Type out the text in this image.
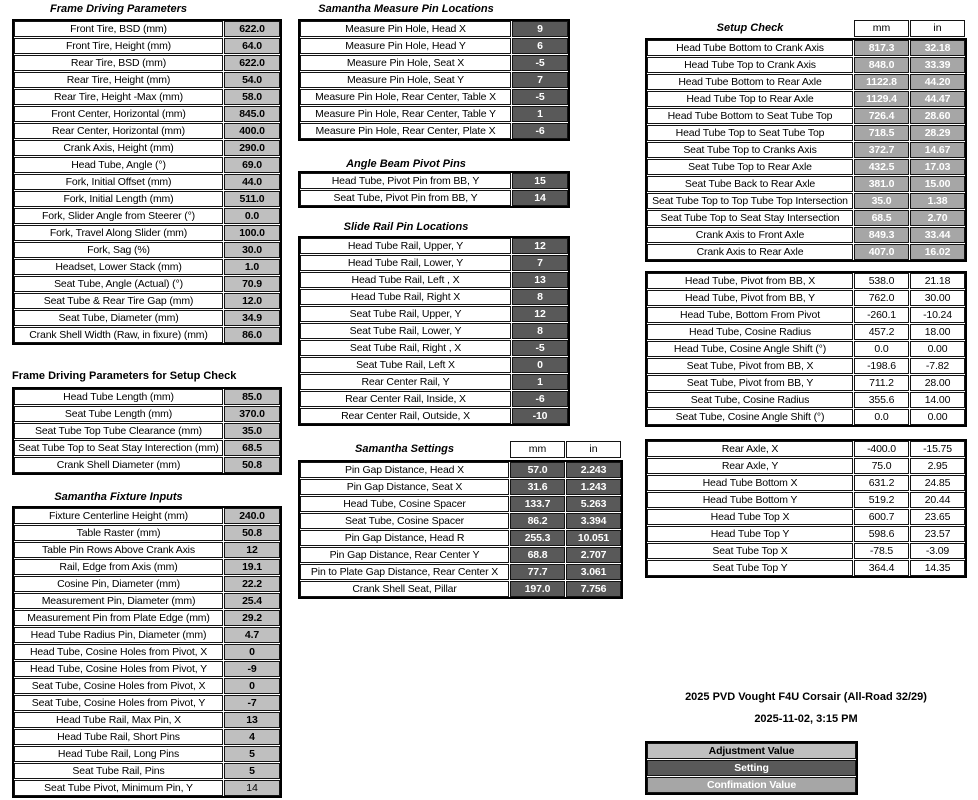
Frame Driving Parameters
Front Tire, BSD (mm)	622.0
Front Tire, Height (mm)	64.0
Rear Tire, BSD (mm)	622.0
Rear Tire, Height (mm)	54.0
Rear Tire, Height -Max (mm)	58.0
Front Center, Horizontal (mm)	845.0
Rear Center, Horizontal (mm)	400.0
Crank Axis, Height (mm)	290.0
Head Tube, Angle (°)	69.0
Fork, Initial Offset (mm)	44.0
Fork, Initial Length (mm)	511.0
Fork, Slider Angle from Steerer (°)	0.0
Fork, Travel Along Slider (mm)	100.0
Fork, Sag (%)	30.0
Headset, Lower Stack (mm)	1.0
Seat Tube, Angle (Actual) (°)	70.9
Seat Tube & Rear Tire Gap (mm)	12.0
Seat Tube, Diameter (mm)	34.9
Crank Shell Width (Raw, in fixure) (mm)	86.0
Frame Driving Parameters for Setup Check
Head Tube Length (mm)	85.0
Seat Tube Length (mm)	370.0
Seat Tube Top Tube Clearance (mm)	35.0
Seat Tube Top to Seat Stay Interection (mm)	68.5
Crank Shell Diameter (mm)	50.8
Samantha Fixture Inputs
Fixture Centerline Height (mm)	240.0
Table Raster (mm)	50.8
Table Pin Rows Above Crank Axis	12
Rail, Edge from Axis (mm)	19.1
Cosine Pin, Diameter (mm)	22.2
Measurement Pin, Diameter (mm)	25.4
Measurement Pin from Plate Edge (mm)	29.2
Head Tube Radius Pin, Diameter (mm)	4.7
Head Tube, Cosine Holes from Pivot, X	0
Head Tube, Cosine Holes from Pivot, Y	-9
Seat Tube, Cosine Holes from Pivot, X	0
Seat Tube, Cosine Holes from Pivot, Y	-7
Head Tube Rail, Max Pin, X	13
Head Tube Rail, Short Pins	4
Head Tube Rail, Long Pins	5
Seat Tube Rail, Pins	5
Seat Tube Pivot, Minimum Pin, Y	14
Samantha Measure Pin Locations
Measure Pin Hole, Head X	9
Measure Pin Hole, Head Y	6
Measure Pin Hole, Seat X	-5
Measure Pin Hole, Seat Y	7
Measure Pin Hole, Rear Center, Table X	-5
Measure Pin Hole, Rear Center, Table Y	1
Measure Pin Hole, Rear Center, Plate X	-6
Angle Beam Pivot Pins
Head Tube, Pivot Pin from BB, Y	15
Seat Tube, Pivot Pin from BB, Y	14
Slide Rail Pin Locations
Head Tube Rail, Upper, Y	12
Head Tube Rail, Lower, Y	7
Head Tube Rail, Left , X	13
Head Tube Rail, Right X	8
Seat Tube Rail, Upper, Y	12
Seat Tube Rail, Lower, Y	8
Seat Tube Rail, Right , X	-5
Seat Tube Rail, Left X	0
Rear Center Rail, Y	1
Rear Center Rail, Inside, X	-6
Rear Center Rail, Outside, X	-10
Samantha Settings	mm	in
Pin Gap Distance, Head X	57.0	2.243
Pin Gap Distance, Seat X	31.6	1.243
Head Tube, Cosine Spacer	133.7	5.263
Seat Tube, Cosine Spacer	86.2	3.394
Pin Gap Distance, Head R	255.3	10.051
Pin Gap Distance, Rear Center Y	68.8	2.707
Pin to Plate Gap Distance, Rear Center X	77.7	3.061
Crank Shell Seat, Pillar	197.0	7.756
Setup Check	mm	in
Head Tube Bottom to Crank Axis	817.3	32.18
Head Tube Top to Crank Axis	848.0	33.39
Head Tube Bottom to Rear Axle	1122.8	44.20
Head Tube Top to Rear Axle	1129.4	44.47
Head Tube Bottom to Seat Tube Top	726.4	28.60
Head Tube Top to Seat Tube Top	718.5	28.29
Seat Tube Top to Cranks Axis	372.7	14.67
Seat Tube Top to Rear Axle	432.5	17.03
Seat Tube Back to Rear Axle	381.0	15.00
Seat Tube Top to Top Tube Top Intersection	35.0	1.38
Seat Tube Top to Seat Stay Intersection	68.5	2.70
Crank Axis to Front Axle	849.3	33.44
Crank Axis to Rear Axle	407.0	16.02
Head Tube, Pivot from BB, X	538.0	21.18
Head Tube, Pivot from BB, Y	762.0	30.00
Head Tube, Bottom From Pivot	-260.1	-10.24
Head Tube, Cosine Radius	457.2	18.00
Head Tube, Cosine Angle Shift (°)	0.0	0.00
Seat Tube, Pivot from BB, X	-198.6	-7.82
Seat Tube, Pivot from BB, Y	711.2	28.00
Seat Tube, Cosine Radius	355.6	14.00
Seat Tube, Cosine Angle Shift (°)	0.0	0.00
Rear Axle, X	-400.0	-15.75
Rear Axle, Y	75.0	2.95
Head Tube Bottom X	631.2	24.85
Head Tube Bottom Y	519.2	20.44
Head Tube Top X	600.7	23.65
Head Tube Top Y	598.6	23.57
Seat Tube Top X	-78.5	-3.09
Seat Tube Top Y	364.4	14.35
2025 PVD Vought F4U Corsair (All-Road 32/29)
2025-11-02, 3:15 PM
Adjustment Value
Setting
Confimation Value
